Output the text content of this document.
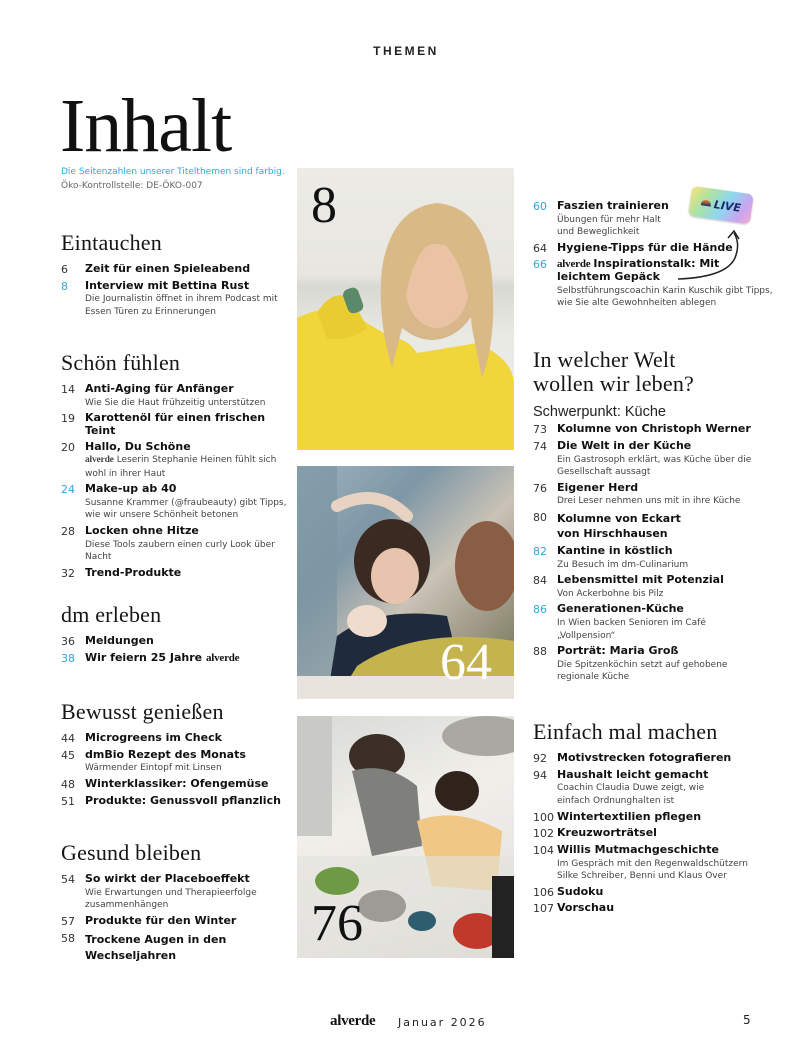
THEMEN
Inhalt
Die Seitenzahlen unserer Titelthemen sind farbig.
Öko-Kontrollstelle: DE-ÖKO-007
Eintauchen
6	Zeit für einen Spieleabend
8	Interview mit Bettina Rust
Die Journalistin öffnet in ihrem Podcast mit Essen Türen zu Erinnerungen
Schön fühlen
14 Anti-Aging für Anfänger
Wie Sie die Haut frühzeitig unterstützen
19 Karottenöl für einen frischen Teint
20 Hallo, Du Schöne
alverde Leserin Stephanie Heinen fühlt sich wohl in ihrer Haut
24 Make-up ab 40
Susanne Krammer (@fraubeauty) gibt Tipps, wie wir unsere Schönheit betonen
28 Locken ohne Hitze
Diese Tools zaubern einen curly Look über Nacht
32 Trend-Produkte
dm erleben
36 Meldungen
38 Wir feiern 25 Jahre alverde
Bewusst genießen
44 Microgreens im Check
45 dmBio Rezept des Monats
Wärmender Eintopf mit Linsen
48 Winterklassiker: Ofengemüse
51 Produkte: Genussvoll pflanzlich
Gesund bleiben
54 So wirkt der Placeboeffekt
Wie Erwartungen und Therapieerfolge zusammenhängen
57 Produkte für den Winter
58 Trockene Augen in den Wechseljahren
8
64
76
60 Faszien trainieren
Übungen für mehr Halt und Beweglichkeit
64 Hygiene-Tipps für die Hände
66 alverde Inspirationstalk: Mit leichtem Gepäck
Selbstführungscoachin Karin Kuschik gibt Tipps, wie Sie alte Gewohnheiten ablegen
LIVE
In welcher Welt wollen wir leben?
Schwerpunkt: Küche
73 Kolumne von Christoph Werner
74 Die Welt in der Küche
Ein Gastrosoph erklärt, was Küche über die Gesellschaft aussagt
76 Eigener Herd
Drei Leser nehmen uns mit in ihre Küche
80 Kolumne von Eckart von Hirschhausen
82 Kantine in köstlich
Zu Besuch im dm-Culinarium
84 Lebensmittel mit Potenzial
Von Ackerbohne bis Pilz
86 Generationen-Küche
In Wien backen Senioren im Café „Vollpension“
88 Porträt: Maria Groß
Die Spitzenköchin setzt auf gehobene regionale Küche
Einfach mal machen
92 Motivstrecken fotografieren
94 Haushalt leicht gemacht
Coachin Claudia Duwe zeigt, wie einfach Ordnunghalten ist
100 Wintertextilien pflegen
102 Kreuzworträtsel
104 Willis Mutmachgeschichte
Im Gespräch mit den Regenwaldschützern Silke Schreiber, Benni und Klaus Over
106 Sudoku
107 Vorschau
alverde Januar 2026	5
